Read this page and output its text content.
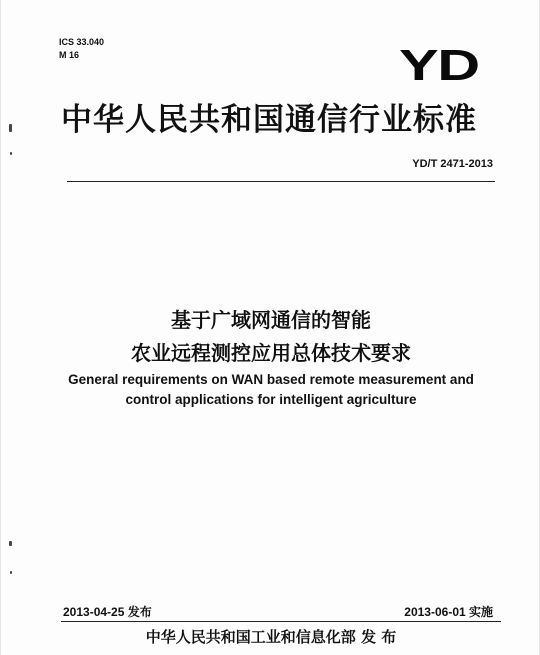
ICS 33.040
M 16	YD
中华人民共和国通信行业标准
YD/T 2471-2013
基于广域网通信的智能
农业远程测控应用总体技术要求
General requirements on WAN based remote measurement and
control applications for intelligent agriculture
2013-04-25 发布	2013-06-01 实施
中华人民共和国工业和信息化部 发 布
